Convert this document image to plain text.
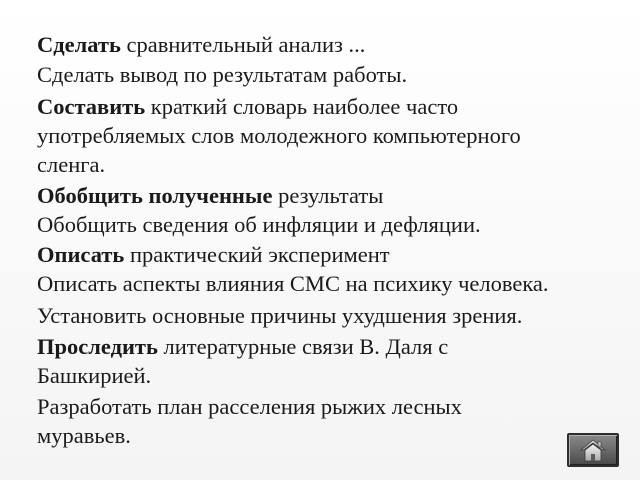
Сделать сравнительный анализ ...
Сделать вывод по результатам работы.
Составить краткий словарь наиболее часто
употребляемых слов молодежного компьютерного
сленга.
Обобщить полученные результаты
Обобщить сведения об инфляции и дефляции.
Описать практический эксперимент
Описать аспекты влияния СМС на психику человека.
Установить основные причины ухудшения зрения.
Проследить литературные связи В. Даля с
Башкирией.
Разработать план расселения рыжих лесных
муравьев.
